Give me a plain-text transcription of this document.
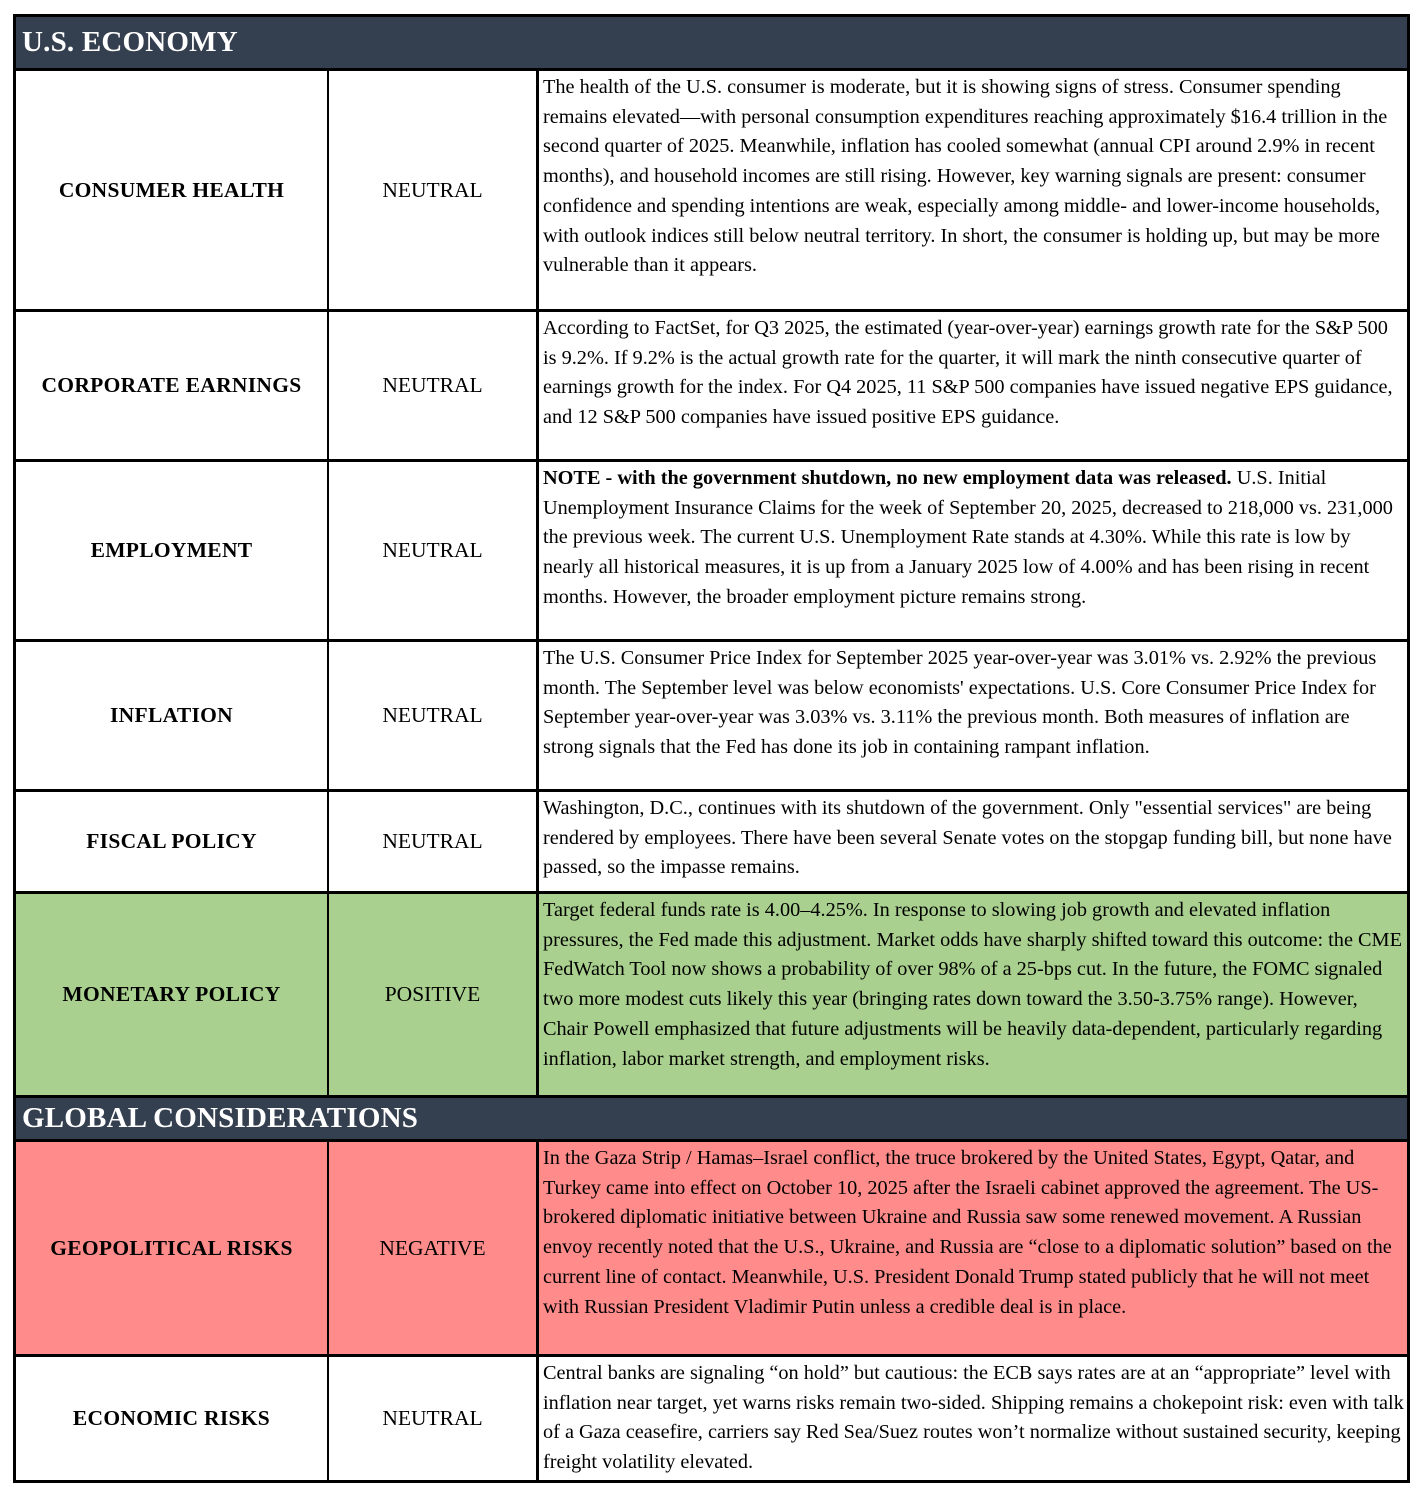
U.S. ECONOMY
CONSUMER HEALTH	NEUTRAL
The health of the U.S. consumer is moderate, but it is showing signs of stress. Consumer spending remains elevated—with personal consumption expenditures reaching approximately $16.4 trillion in the second quarter of 2025. Meanwhile, inflation has cooled somewhat (annual CPI around 2.9% in recent months), and household incomes are still rising. However, key warning signals are present: consumer confidence and spending intentions are weak, especially among middle- and lower-income households, with outlook indices still below neutral territory. In short, the consumer is holding up, but may be more vulnerable than it appears.
CORPORATE EARNINGS	NEUTRAL
According to FactSet, for Q3 2025, the estimated (year-over-year) earnings growth rate for the S&P 500 is 9.2%. If 9.2% is the actual growth rate for the quarter, it will mark the ninth consecutive quarter of earnings growth for the index. For Q4 2025, 11 S&P 500 companies have issued negative EPS guidance, and 12 S&P 500 companies have issued positive EPS guidance.
EMPLOYMENT	NEUTRAL
NOTE - with the government shutdown, no new employment data was released. U.S. Initial Unemployment Insurance Claims for the week of September 20, 2025, decreased to 218,000 vs. 231,000 the previous week. The current U.S. Unemployment Rate stands at 4.30%. While this rate is low by nearly all historical measures, it is up from a January 2025 low of 4.00% and has been rising in recent months. However, the broader employment picture remains strong.
INFLATION	NEUTRAL
The U.S. Consumer Price Index for September 2025 year-over-year was 3.01% vs. 2.92% the previous month. The September level was below economists' expectations. U.S. Core Consumer Price Index for September year-over-year was 3.03% vs. 3.11% the previous month. Both measures of inflation are strong signals that the Fed has done its job in containing rampant inflation.
FISCAL POLICY	NEUTRAL
Washington, D.C., continues with its shutdown of the government. Only "essential services" are being rendered by employees. There have been several Senate votes on the stopgap funding bill, but none have passed, so the impasse remains.
MONETARY POLICY	POSITIVE
Target federal funds rate is 4.00–4.25%. In response to slowing job growth and elevated inflation pressures, the Fed made this adjustment. Market odds have sharply shifted toward this outcome: the CME FedWatch Tool now shows a probability of over 98% of a 25-bps cut. In the future, the FOMC signaled two more modest cuts likely this year (bringing rates down toward the 3.50-3.75% range). However, Chair Powell emphasized that future adjustments will be heavily data-dependent, particularly regarding inflation, labor market strength, and employment risks.
GLOBAL CONSIDERATIONS
GEOPOLITICAL RISKS	NEGATIVE
In the Gaza Strip / Hamas–Israel conflict, the truce brokered by the United States, Egypt, Qatar, and Turkey came into effect on October 10, 2025 after the Israeli cabinet approved the agreement. The US-brokered diplomatic initiative between Ukraine and Russia saw some renewed movement. A Russian envoy recently noted that the U.S., Ukraine, and Russia are “close to a diplomatic solution” based on the current line of contact. Meanwhile, U.S. President Donald Trump stated publicly that he will not meet with Russian President Vladimir Putin unless a credible deal is in place.
ECONOMIC RISKS	NEUTRAL
Central banks are signaling “on hold” but cautious: the ECB says rates are at an “appropriate” level with inflation near target, yet warns risks remain two-sided. Shipping remains a chokepoint risk: even with talk of a Gaza ceasefire, carriers say Red Sea/Suez routes won’t normalize without sustained security, keeping freight volatility elevated.
